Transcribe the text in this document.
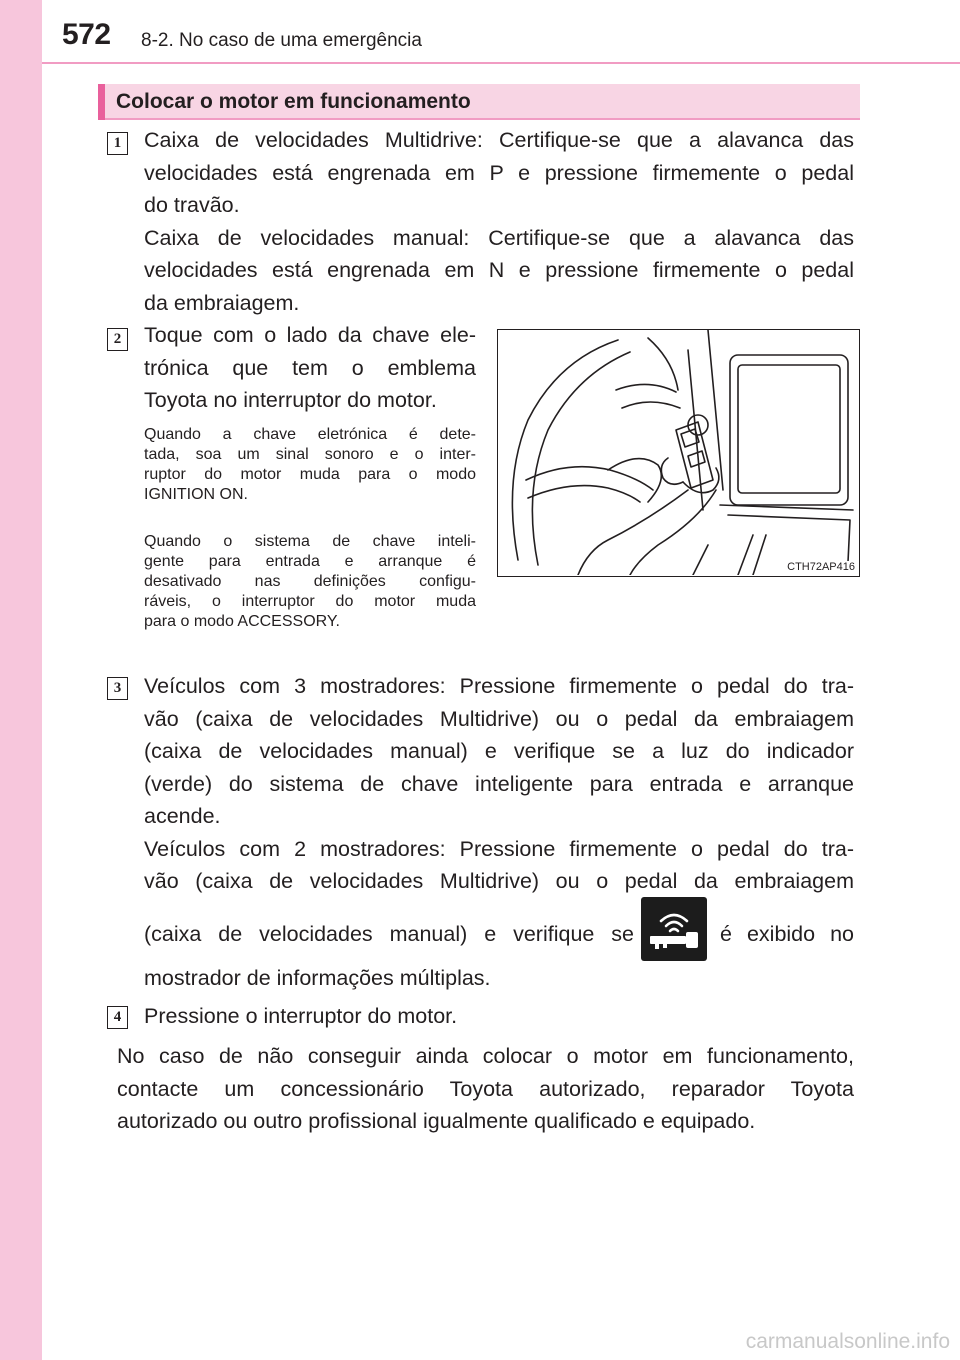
572 8-2. No caso de uma emergência
Colocar o motor em funcionamento
1	Caixa de velocidades Multidrive: Certifique-se que a alavanca das
velocidades está engrenada em P e pressione firmemente o pedal
do travão.
Caixa de velocidades manual: Certifique-se que a alavanca das
velocidades está engrenada em N e pressione firmemente o pedal
da embraiagem.
2	Toque com o lado da chave ele-
trónica que tem o emblema
Toyota no interruptor do motor.
Quando a chave eletrónica é dete-
tada, soa um sinal sonoro e o inter-
ruptor do motor muda para o modo
IGNITION ON.
Quando o sistema de chave inteli-
gente para entrada e arranque é
desativado nas definições configu-
ráveis, o interruptor do motor muda
para o modo ACCESSORY.
CTH72AP416
3	Veículos com 3 mostradores: Pressione firmemente o pedal do tra-
vão (caixa de velocidades Multidrive) ou o pedal da embraiagem
(caixa de velocidades manual) e verifique se a luz do indicador
(verde) do sistema de chave inteligente para entrada e arranque
acende.
Veículos com 2 mostradores: Pressione firmemente o pedal do tra-
vão (caixa de velocidades Multidrive) ou o pedal da embraiagem
(caixa de velocidades manual) e verifique se	é exibido no
mostrador de informações múltiplas.
4	Pressione o interruptor do motor.
No caso de não conseguir ainda colocar o motor em funcionamento,
contacte um concessionário Toyota autorizado, reparador Toyota
autorizado ou outro profissional igualmente qualificado e equipado.
carmanualsonline.info
